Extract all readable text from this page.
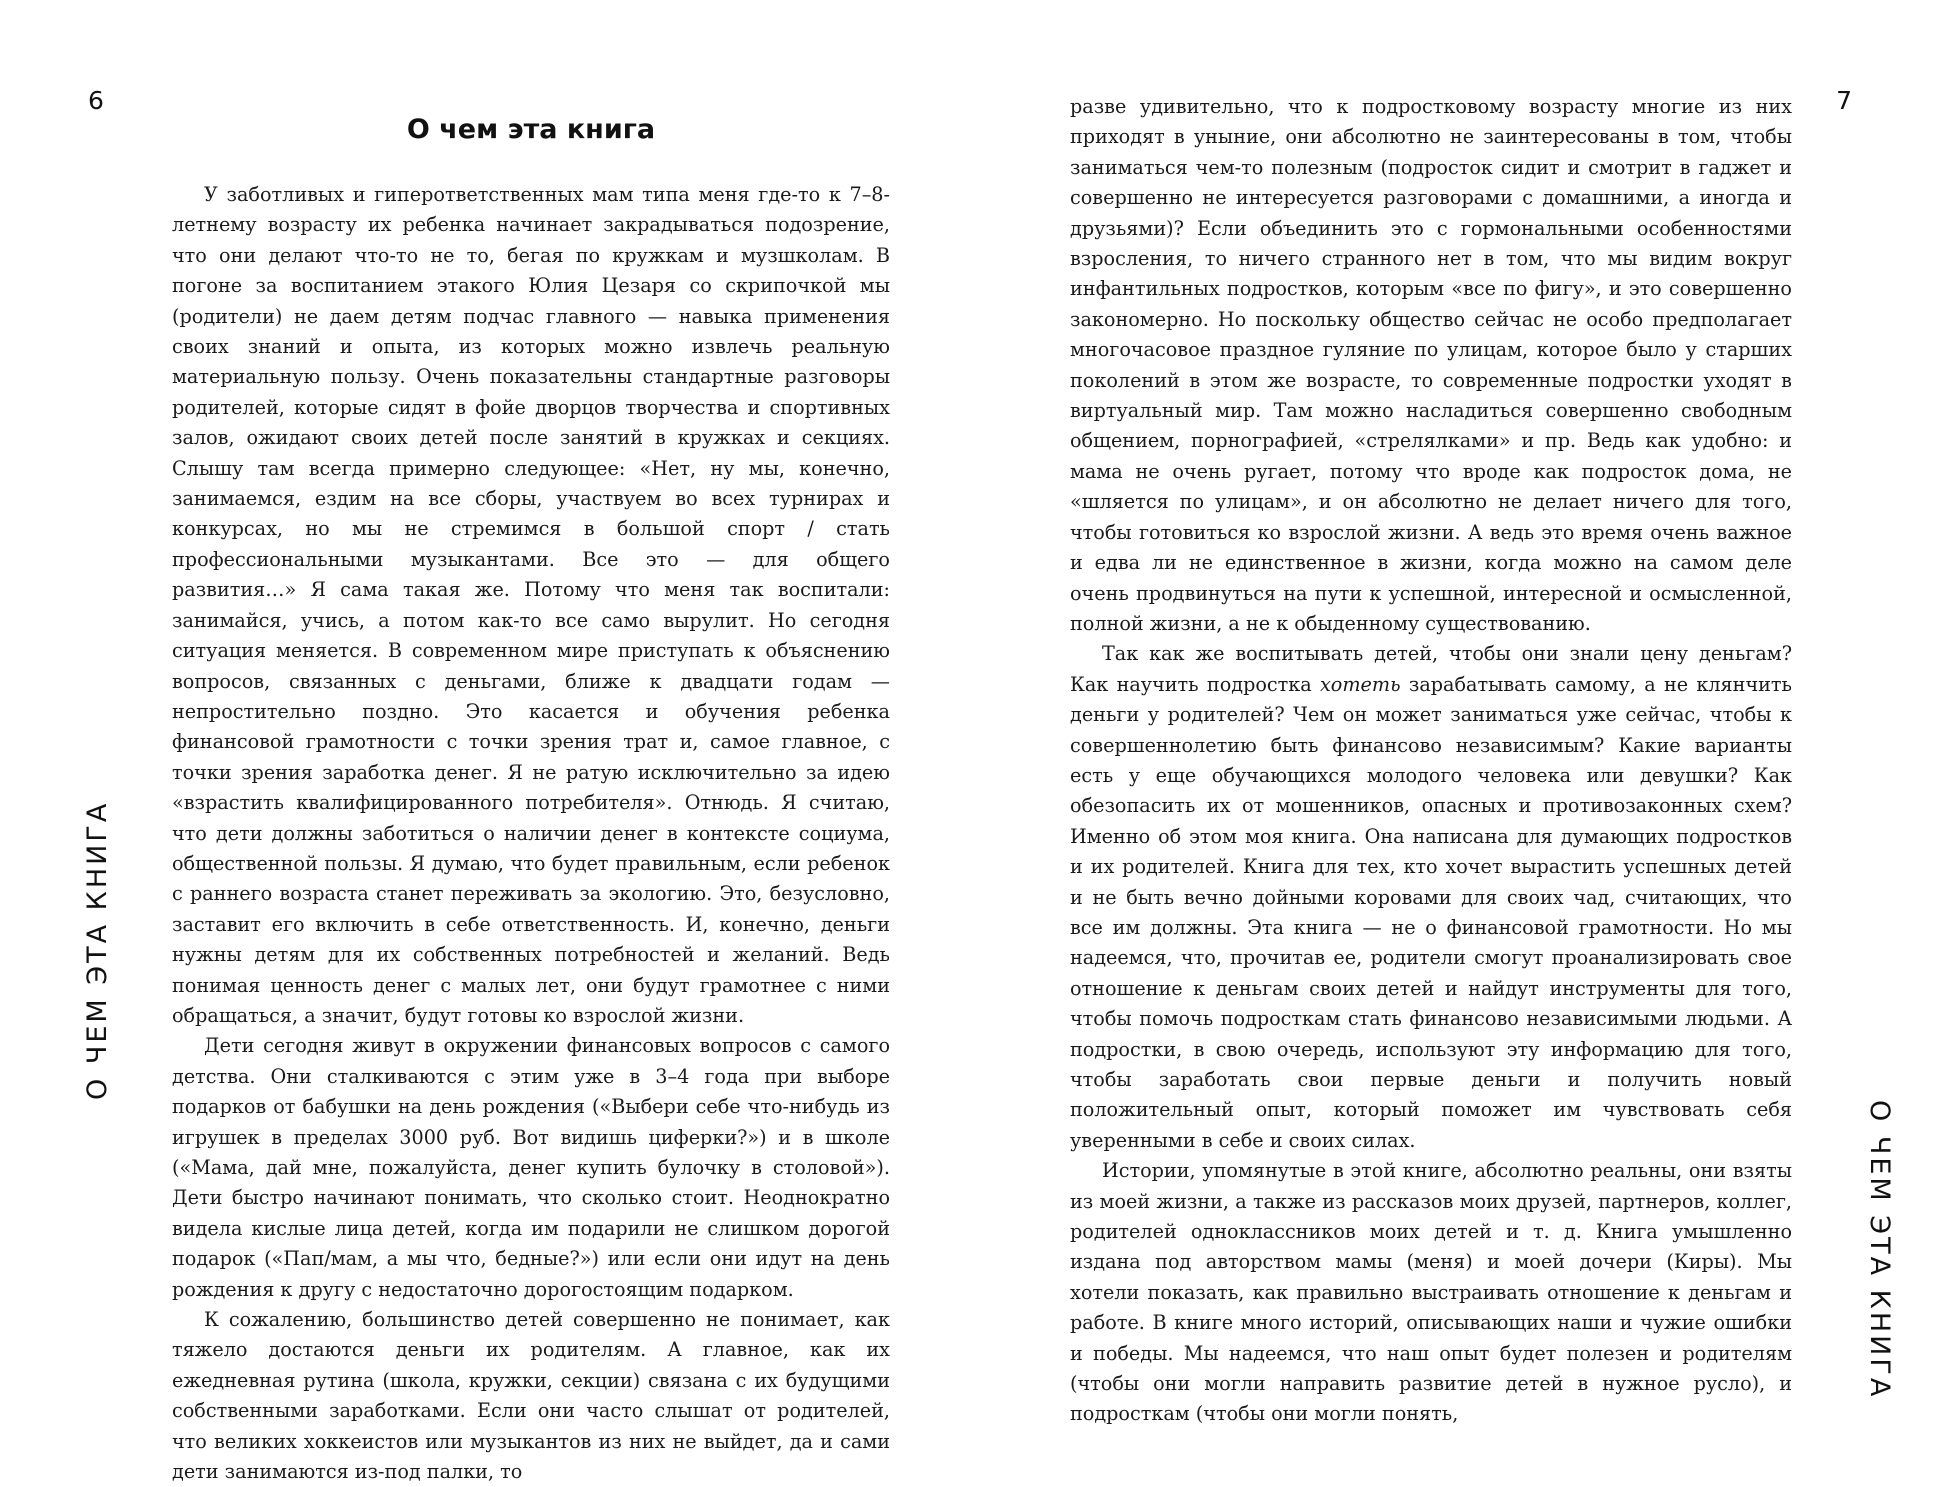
6
О ЧЕМ ЭТА КНИГА
О чем эта книга

У заботливых и гиперответственных мам типа меня где-то к 7–8-летнему возрасту их ребенка начинает закрадываться подозрение, что они делают что-то не то, бегая по кружкам и музшколам. В погоне за воспитанием этакого Юлия Цезаря со скрипочкой мы (родители) не даем детям подчас главного — навыка применения своих знаний и опыта, из которых можно извлечь реальную материальную пользу. Очень показательны стандартные разговоры родителей, которые сидят в фойе дворцов творчества и спортивных залов, ожидают своих детей после занятий в кружках и секциях. Слышу там всегда примерно следующее: «Нет, ну мы, конечно, занимаемся, ездим на все сборы, участвуем во всех турнирах и конкурсах, но мы не стремимся в большой спорт / стать профессиональными музыкантами. Все это — для общего развития…» Я сама такая же. Потому что меня так воспитали: занимайся, учись, а потом как-то все само вырулит. Но сегодня ситуация меняется. В современном мире приступать к объяснению вопросов, связанных с деньгами, ближе к двадцати годам — непростительно поздно. Это касается и обучения ребенка финансовой грамотности с точки зрения трат и, самое главное, с точки зрения заработка денег. Я не ратую исключительно за идею «взрастить квалифицированного потребителя». Отнюдь. Я считаю, что дети должны заботиться о наличии денег в контексте социума, общественной пользы. Я думаю, что будет правильным, если ребенок с раннего возраста станет переживать за экологию. Это, безусловно, заставит его включить в себе ответственность. И, конечно, деньги нужны детям для их собственных потребностей и желаний. Ведь понимая ценность денег с малых лет, они будут грамотнее с ними обращаться, а значит, будут готовы ко взрослой жизни.

Дети сегодня живут в окружении финансовых вопросов с самого детства. Они сталкиваются с этим уже в 3–4 года при выборе подарков от бабушки на день рождения («Выбери себе что-нибудь из игрушек в пределах 3000 руб. Вот видишь циферки?») и в школе («Мама, дай мне, пожалуйста, денег купить булочку в столовой»). Дети быстро начинают понимать, что сколько стоит. Неоднократно видела кислые лица детей, когда им подарили не слишком дорогой подарок («Пап/мам, а мы что, бедные?») или если они идут на день рождения к другу с недостаточно дорогостоящим подарком.

К сожалению, большинство детей совершенно не понимает, как тяжело достаются деньги их родителям. А главное, как их ежедневная рутина (школа, кружки, секции) связана с их будущими собственными заработками. Если они часто слышат от родителей, что великих хоккеистов или музыкантов из них не выйдет, да и сами дети занимаются из-под палки, то

7
О ЧЕМ ЭТА КНИГА

разве удивительно, что к подростковому возрасту многие из них приходят в уныние, они абсолютно не заинтересованы в том, чтобы заниматься чем-то полезным (подросток сидит и смотрит в гаджет и совершенно не интересуется разговорами с домашними, а иногда и друзьями)? Если объединить это с гормональными особенностями взросления, то ничего странного нет в том, что мы видим вокруг инфантильных подростков, которым «все по фигу», и это совершенно закономерно. Но поскольку общество сейчас не особо предполагает многочасовое праздное гуляние по улицам, которое было у старших поколений в этом же возрасте, то современные подростки уходят в виртуальный мир. Там можно насладиться совершенно свободным общением, порнографией, «стрелялками» и пр. Ведь как удобно: и мама не очень ругает, потому что вроде как подросток дома, не «шляется по улицам», и он абсолютно не делает ничего для того, чтобы готовиться ко взрослой жизни. А ведь это время очень важное и едва ли не единственное в жизни, когда можно на самом деле очень продвинуться на пути к успешной, интересной и осмысленной, полной жизни, а не к обыденному существованию.

Так как же воспитывать детей, чтобы они знали цену деньгам? Как научить подростка хотеть зарабатывать самому, а не клянчить деньги у родителей? Чем он может заниматься уже сейчас, чтобы к совершеннолетию быть финансово независимым? Какие варианты есть у еще обучающихся молодого человека или девушки? Как обезопасить их от мошенников, опасных и противозаконных схем? Именно об этом моя книга. Она написана для думающих подростков и их родителей. Книга для тех, кто хочет вырастить успешных детей и не быть вечно дойными коровами для своих чад, считающих, что все им должны. Эта книга — не о финансовой грамотности. Но мы надеемся, что, прочитав ее, родители смогут проанализировать свое отношение к деньгам своих детей и найдут инструменты для того, чтобы помочь подросткам стать финансово независимыми людьми. А подростки, в свою очередь, используют эту информацию для того, чтобы заработать свои первые деньги и получить новый положительный опыт, который поможет им чувствовать себя уверенными в себе и своих силах.

Истории, упомянутые в этой книге, абсолютно реальны, они взяты из моей жизни, а также из рассказов моих друзей, партнеров, коллег, родителей одноклассников моих детей и т. д. Книга умышленно издана под авторством мамы (меня) и моей дочери (Киры). Мы хотели показать, как правильно выстраивать отношение к деньгам и работе. В книге много историй, описывающих наши и чужие ошибки и победы. Мы надеемся, что наш опыт будет полезен и родителям (чтобы они могли направить развитие детей в нужное русло), и подросткам (чтобы они могли понять,
